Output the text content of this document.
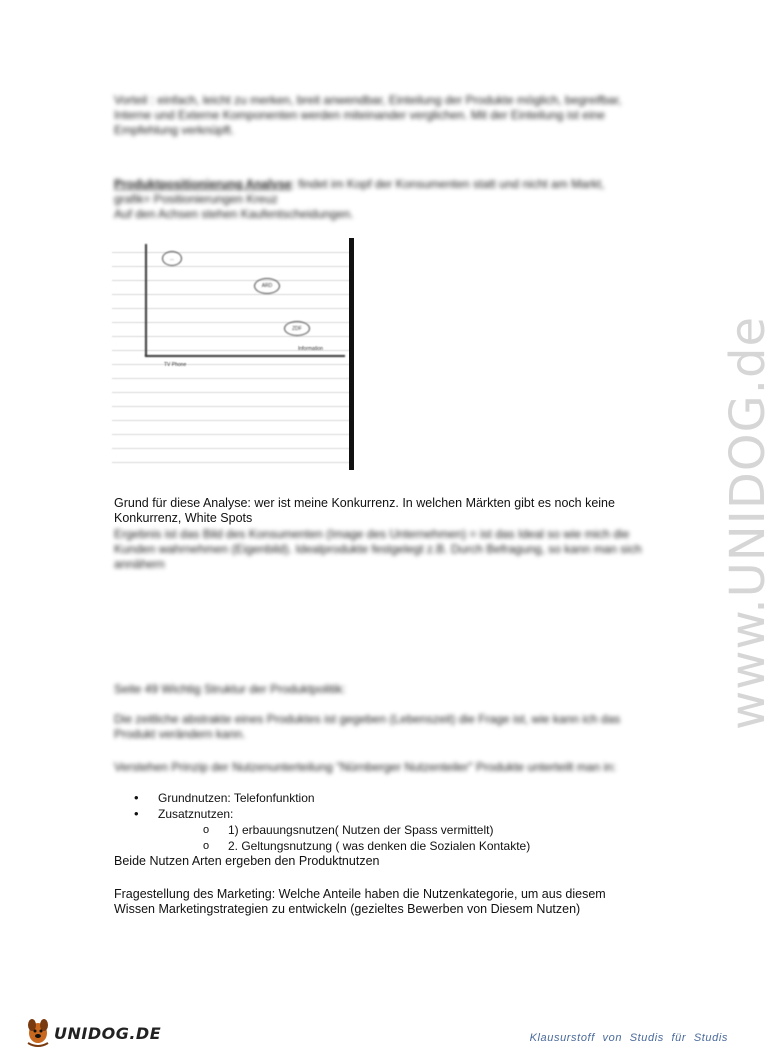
Vorteil : einfach, leicht zu merken, breit anwendbar, Einteilung der Produkte möglich, begreifbar, Interne und Externe Komponenten werden miteinander verglichen. Mit der Einteilung ist eine Empfehlung verknüpft.
Produktpositionierung Analyse: findet im Kopf der Konsumenten statt und nicht am Markt, grafik= Positionierungen Kreuz
Auf den Achsen stehen Kaufentscheidungen.
...
ARD
ZDF
Information
TV Phone
Grund für diese Analyse: wer ist meine Konkurrenz. In welchen Märkten gibt es noch keine Konkurrenz, White Spots
Ergebnis ist das Bild des Konsumenten (Image des Unternehmen) = ist das Ideal so wie mich die Kunden wahrnehmen (Eigenbild). Idealprodukte festgelegt z.B. Durch Befragung, so kann man sich annähern
Seite 49 Wichtig Struktur der Produktpolitik:
Die zeitliche abstrakte eines Produktes ist gegeben (Lebenszeit) die Frage ist, wie kann ich das Produkt verändern kann.
Verstehen Prinzip der Nutzenunterteilung "Nürnberger Nutzenteiler" Produkte unterteilt man in:
• Grundnutzen: Telefonfunktion
• Zusatznutzen:
o 1) erbauungsnutzen( Nutzen der Spass vermittelt)
o 2. Geltungsnutzung ( was denken die Sozialen Kontakte)
Beide Nutzen Arten ergeben den Produktnutzen
Fragestellung des Marketing: Welche Anteile haben die Nutzenkategorie, um aus diesem Wissen Marketingstrategien zu entwickeln (gezieltes Bewerben von Diesem Nutzen)
www.UNIDOG.de
UNIDOG.DE	Klausurstoff von Studis für Studis
